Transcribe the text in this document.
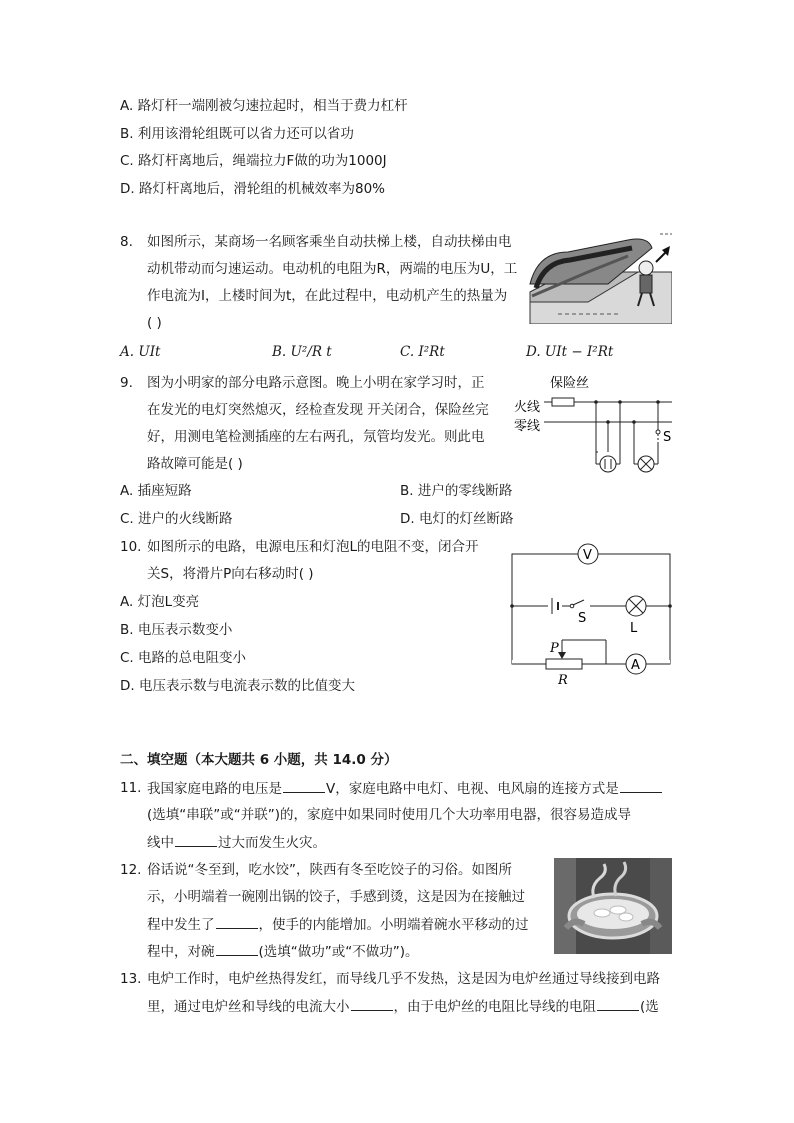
A. 路灯杆一端刚被匀速拉起时，相当于费力杠杆
B. 利用该滑轮组既可以省力还可以省功
C. 路灯杆离地后，绳端拉力F做的功为1000J
D. 路灯杆离地后，滑轮组的机械效率为80%
8. 如图所示，某商场一名顾客乘坐自动扶梯上楼，自动扶梯由电
动机带动而匀速运动。电动机的电阻为R，两端的电压为U，工
作电流为I，上楼时间为t，在此过程中，电动机产生的热量为
( )
A. UIt	B. U²/R t	C. I²Rt	D. UIt − I²Rt
9. 图为小明家的部分电路示意图。晚上小明在家学习时，正
在发光的电灯突然熄灭，经检查发现 开关闭合，保险丝完
好，用测电笔检测插座的左右两孔，氖管均发光。则此电
路故障可能是( )
A. 插座短路	B. 进户的零线断路
C. 进户的火线断路	D. 电灯的灯丝断路
保险丝
火线
零线
S
10. 如图所示的电路，电源电压和灯泡L的电阻不变，闭合开
关S，将滑片P向右移动时( )
A. 灯泡L变亮
B. 电压表示数变小
C. 电路的总电阻变小
D. 电压表示数与电流表示数的比值变大
V
S
L
P
R
A
二、填空题（本大题共 6 小题，共 14.0 分）
11. 我国家庭电路的电压是	V，家庭电路中电灯、电视、电风扇的连接方式是
(选填“串联”或“并联”)的，家庭中如果同时使用几个大功率用电器，很容易造成导
线中	过大而发生火灾。
12. 俗话说“冬至到，吃水饺”，陕西有冬至吃饺子的习俗。如图所
示，小明端着一碗刚出锅的饺子，手感到烫，这是因为在接触过
程中发生了	，使手的内能增加。小明端着碗水平移动的过
程中，对碗	(选填“做功”或“不做功”)。
13. 电炉工作时，电炉丝热得发红，而导线几乎不发热，这是因为电炉丝通过导线接到电路
里，通过电炉丝和导线的电流大小	，由于电炉丝的电阻比导线的电阻	(选
